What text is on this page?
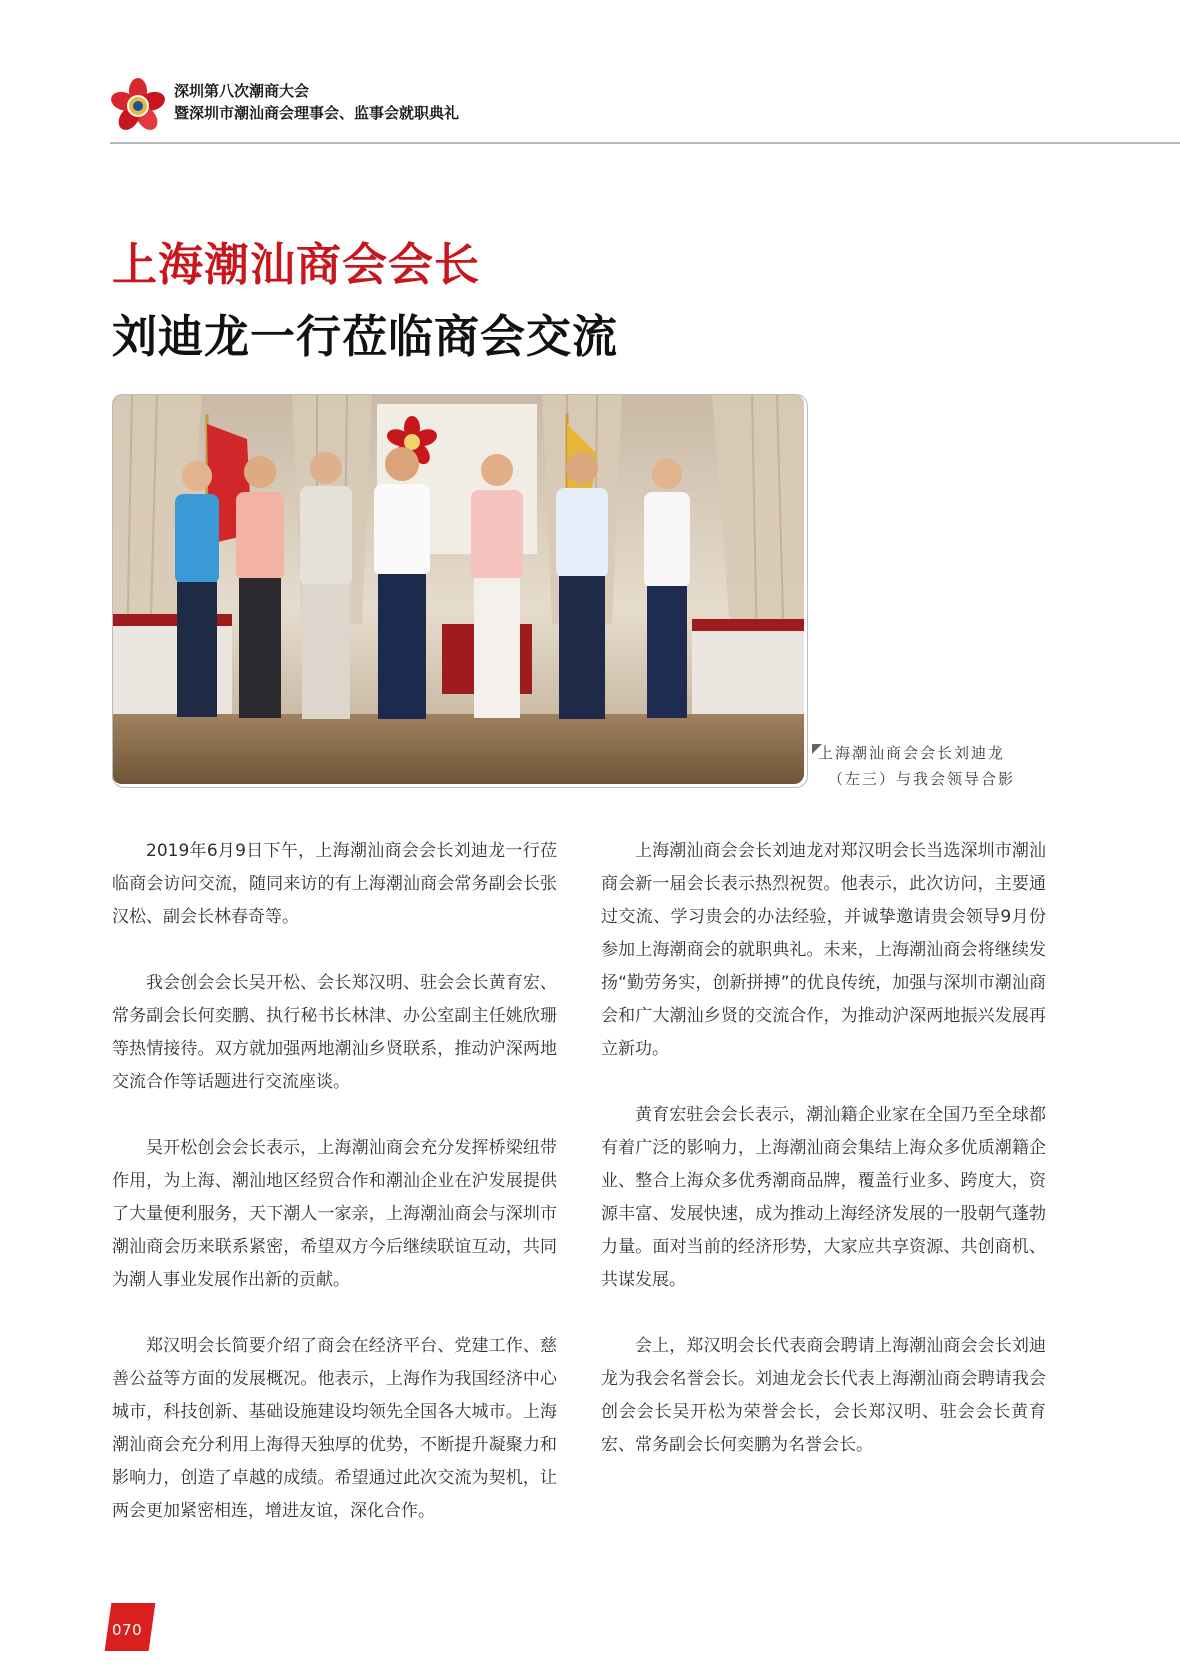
深圳第八次潮商大会
暨深圳市潮汕商会理事会、监事会就职典礼
上海潮汕商会会长
刘迪龙一行莅临商会交流
上海潮汕商会会长刘迪龙
（左三）与我会领导合影

2019年6月9日下午，上海潮汕商会会长刘迪龙一行莅临商会访问交流，随同来访的有上海潮汕商会常务副会长张汉松、副会长林春奇等。

我会创会会长吴开松、会长郑汉明、驻会会长黄育宏、常务副会长何奕鹏、执行秘书长林津、办公室副主任姚欣珊等热情接待。双方就加强两地潮汕乡贤联系，推动沪深两地交流合作等话题进行交流座谈。

吴开松创会会长表示，上海潮汕商会充分发挥桥梁纽带作用，为上海、潮汕地区经贸合作和潮汕企业在沪发展提供了大量便利服务，天下潮人一家亲，上海潮汕商会与深圳市潮汕商会历来联系紧密，希望双方今后继续联谊互动，共同为潮人事业发展作出新的贡献。

郑汉明会长简要介绍了商会在经济平台、党建工作、慈善公益等方面的发展概况。他表示，上海作为我国经济中心城市，科技创新、基础设施建设均领先全国各大城市。上海潮汕商会充分利用上海得天独厚的优势，不断提升凝聚力和影响力，创造了卓越的成绩。希望通过此次交流为契机，让两会更加紧密相连，增进友谊，深化合作。

上海潮汕商会会长刘迪龙对郑汉明会长当选深圳市潮汕商会新一届会长表示热烈祝贺。他表示，此次访问，主要通过交流、学习贵会的办法经验，并诚挚邀请贵会领导9月份参加上海潮商会的就职典礼。未来，上海潮汕商会将继续发扬“勤劳务实，创新拼搏”的优良传统，加强与深圳市潮汕商会和广大潮汕乡贤的交流合作，为推动沪深两地振兴发展再立新功。

黄育宏驻会会长表示，潮汕籍企业家在全国乃至全球都有着广泛的影响力，上海潮汕商会集结上海众多优质潮籍企业、整合上海众多优秀潮商品牌，覆盖行业多、跨度大，资源丰富、发展快速，成为推动上海经济发展的一股朝气蓬勃力量。面对当前的经济形势，大家应共享资源、共创商机、共谋发展。

会上，郑汉明会长代表商会聘请上海潮汕商会会长刘迪龙为我会名誉会长。刘迪龙会长代表上海潮汕商会聘请我会创会会长吴开松为荣誉会长，会长郑汉明、驻会会长黄育宏、常务副会长何奕鹏为名誉会长。

070
